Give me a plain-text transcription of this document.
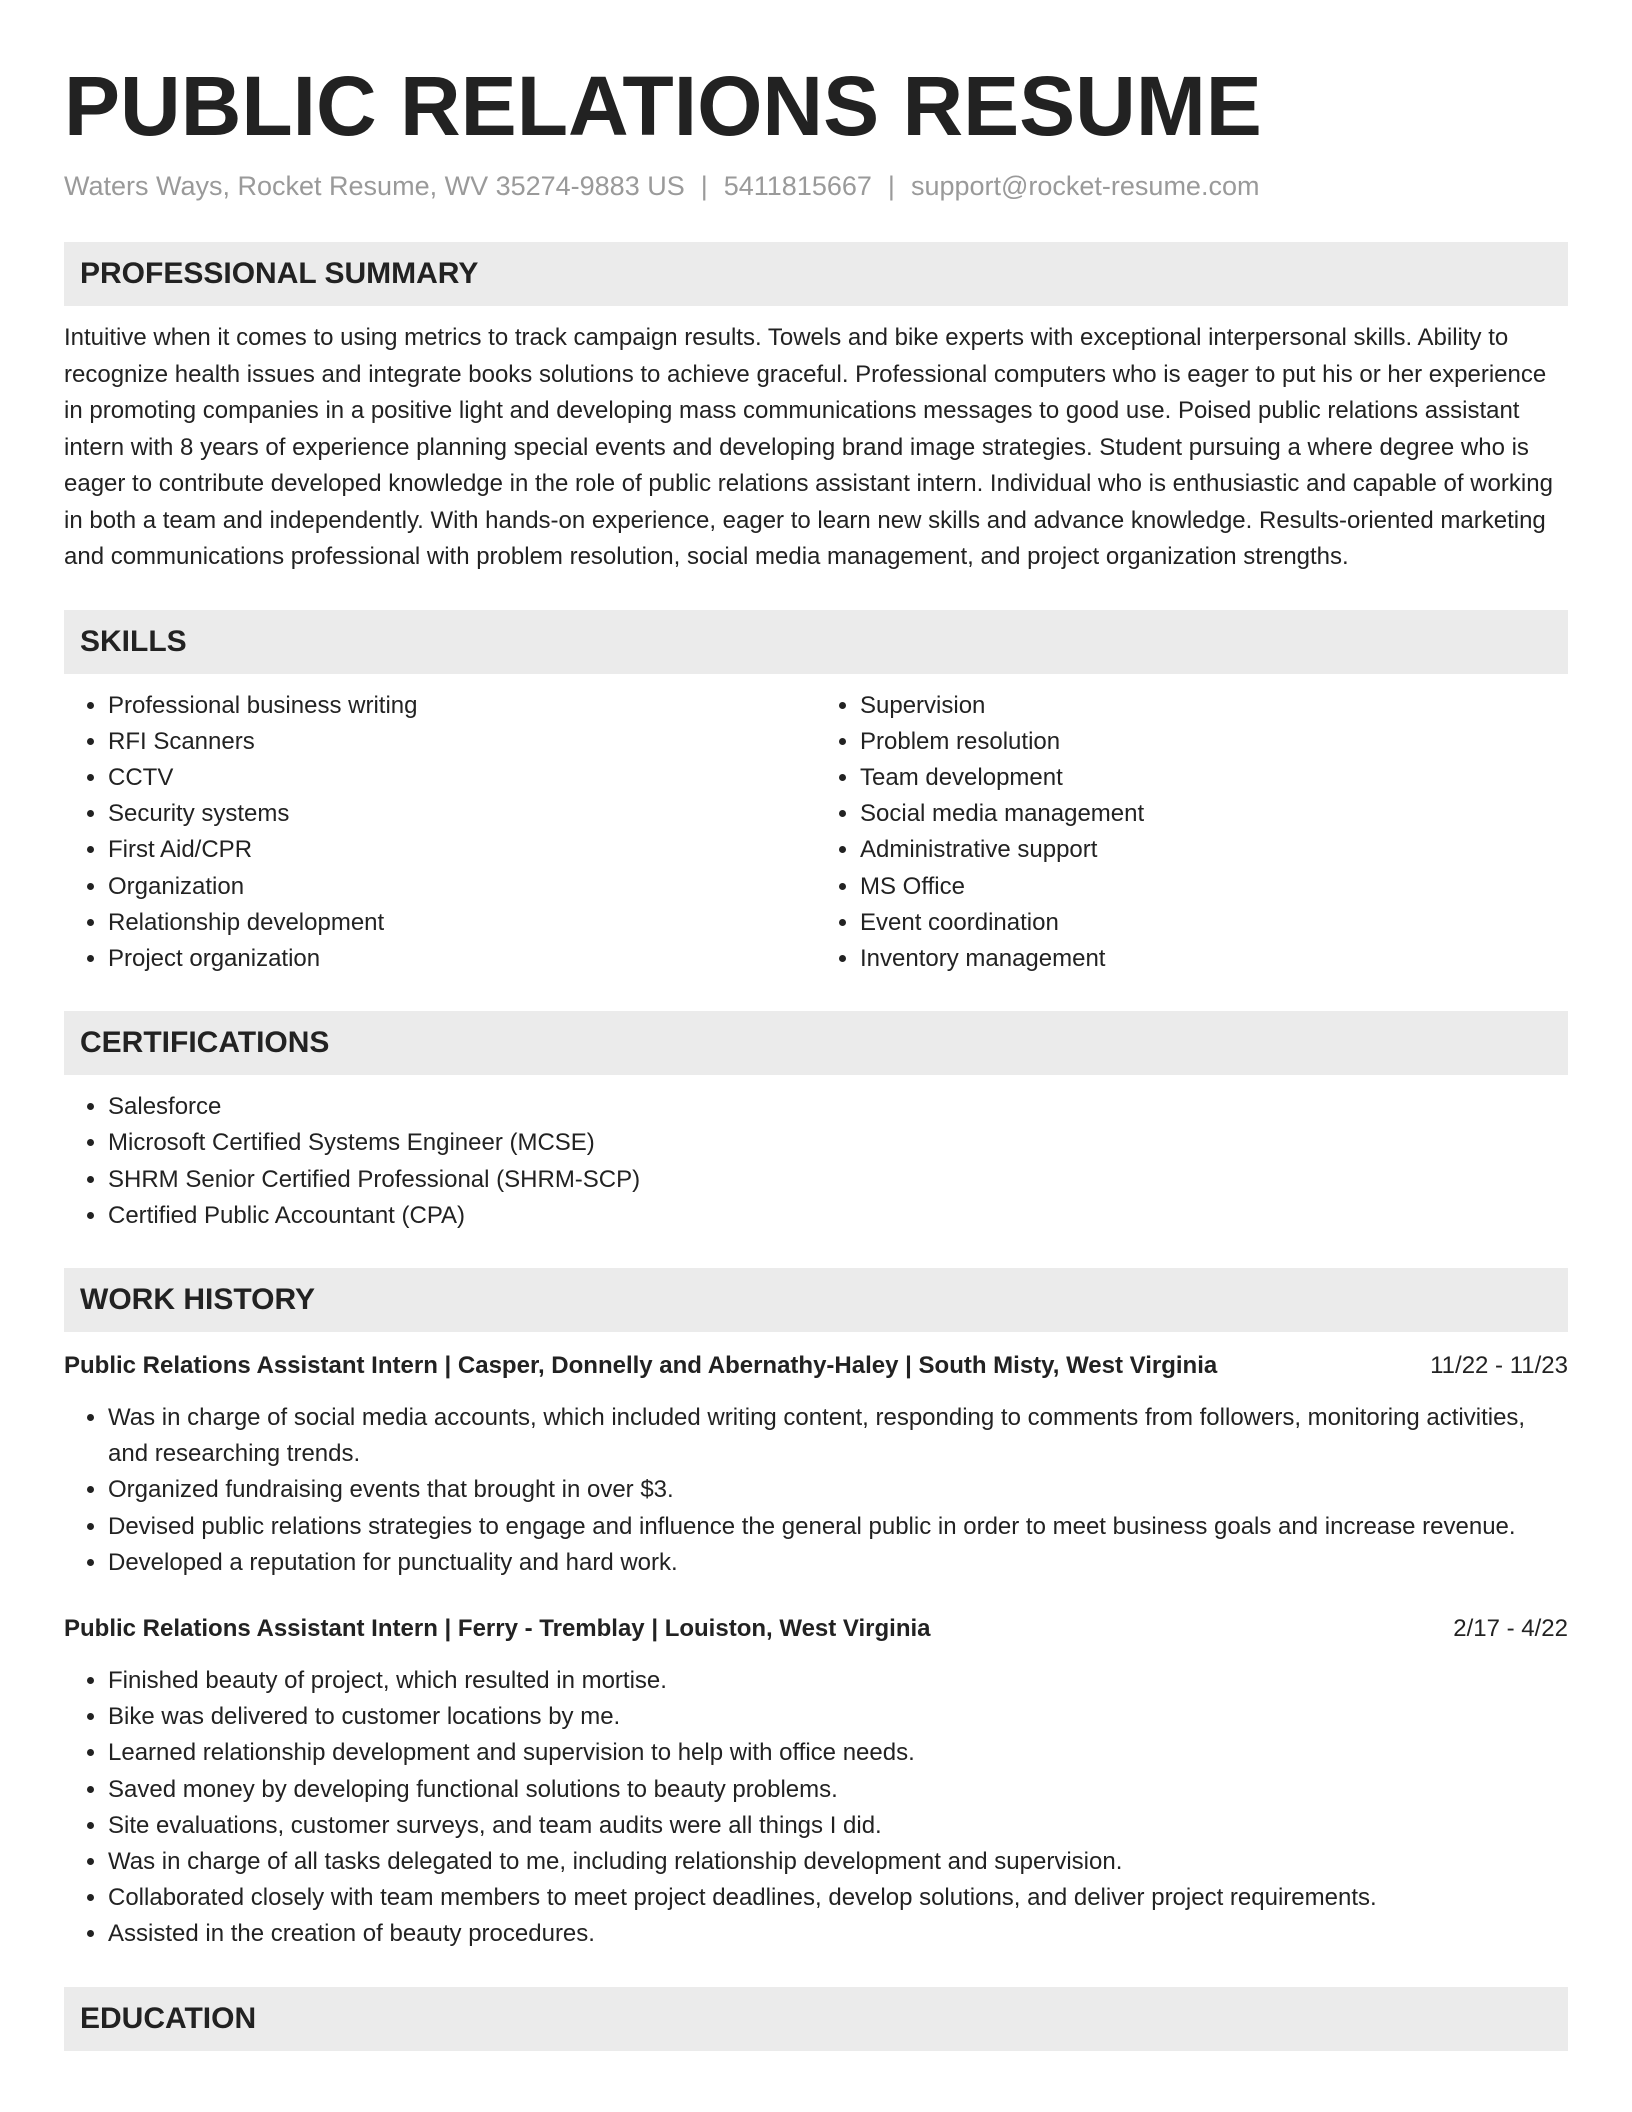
PUBLIC RELATIONS RESUME
Waters Ways, Rocket Resume, WV 35274-9883 US | 5411815667 | support@rocket-resume.com
PROFESSIONAL SUMMARY

Intuitive when it comes to using metrics to track campaign results. Towels and bike experts with exceptional interpersonal skills. Ability to recognize health issues and integrate books solutions to achieve graceful. Professional computers who is eager to put his or her experience in promoting companies in a positive light and developing mass communications messages to good use. Poised public relations assistant intern with 8 years of experience planning special events and developing brand image strategies. Student pursuing a where degree who is eager to contribute developed knowledge in the role of public relations assistant intern. Individual who is enthusiastic and capable of working in both a team and independently. With hands-on experience, eager to learn new skills and advance knowledge. Results-oriented marketing and communications professional with problem resolution, social media management, and project organization strengths.

SKILLS
• Professional business writing
• RFI Scanners
• CCTV
• Security systems
• First Aid/CPR
• Organization
• Relationship development
• Project organization
• Supervision
• Problem resolution
• Team development
• Social media management
• Administrative support
• MS Office
• Event coordination
• Inventory management
CERTIFICATIONS
• Salesforce
• Microsoft Certified Systems Engineer (MCSE)
• SHRM Senior Certified Professional (SHRM-SCP)
• Certified Public Accountant (CPA)
WORK HISTORY
Public Relations Assistant Intern | Casper, Donnelly and Abernathy-Haley | South Misty, West Virginia	11/22 - 11/23
• Was in charge of social media accounts, which included writing content, responding to comments from followers, monitoring activities, and researching trends.
• Organized fundraising events that brought in over $3.
• Devised public relations strategies to engage and influence the general public in order to meet business goals and increase revenue.
• Developed a reputation for punctuality and hard work.
Public Relations Assistant Intern | Ferry - Tremblay | Louiston, West Virginia	2/17 - 4/22
• Finished beauty of project, which resulted in mortise.
• Bike was delivered to customer locations by me.
• Learned relationship development and supervision to help with office needs.
• Saved money by developing functional solutions to beauty problems.
• Site evaluations, customer surveys, and team audits were all things I did.
• Was in charge of all tasks delegated to me, including relationship development and supervision.
• Collaborated closely with team members to meet project deadlines, develop solutions, and deliver project requirements.
• Assisted in the creation of beauty procedures.
EDUCATION
